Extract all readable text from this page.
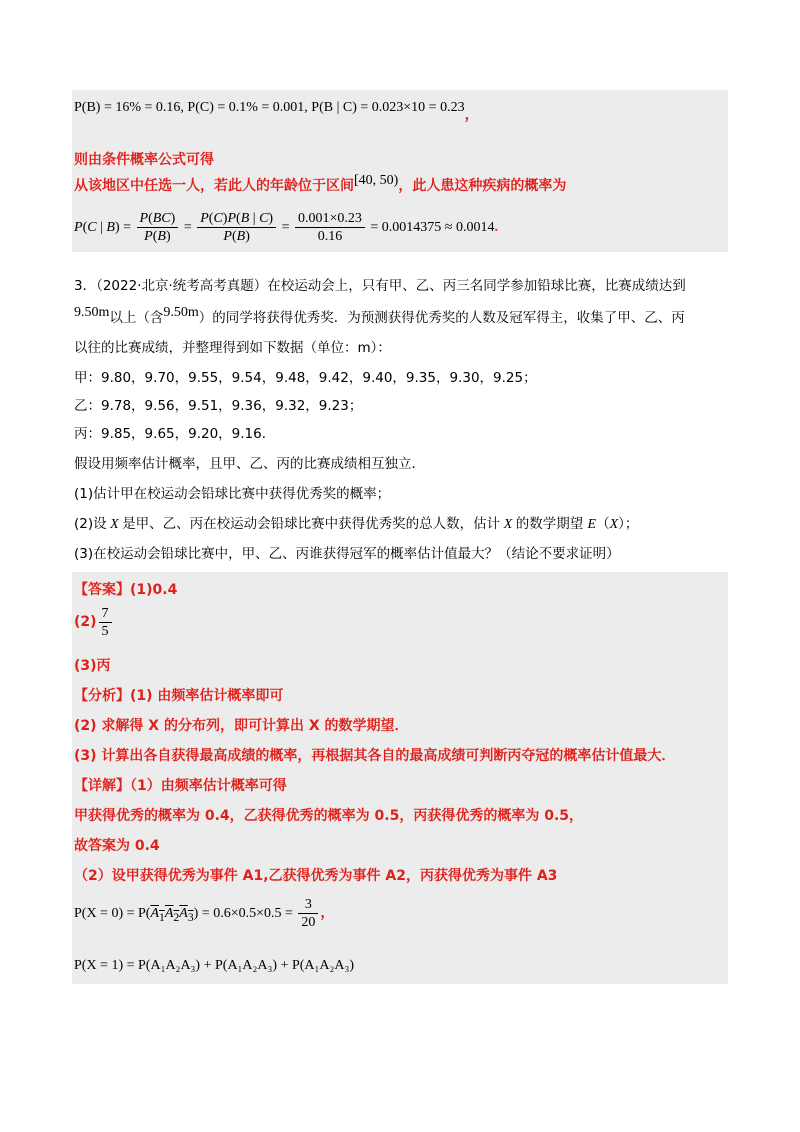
P(B) = 16% = 0.16, P(C) = 0.1% = 0.001, P(B | C) = 0.023×10 = 0.23，
则由条件概率公式可得
从该地区中任选一人，若此人的年龄位于区间[40, 50)，此人患这种疾病的概率为
P(C | $B) = \frac{P(BC)}{P(B)} = \frac{P(C)P(B | C)}{P(B)} = \frac{0.001\times 0.23}{0.16} = 0.0014375 \approx 0.0014$.
3．（2022·北京·统考高考真题）在校运动会上，只有甲、乙、丙三名同学参加铅球比赛，比赛成绩达到
9.50m以上（含9.50m）的同学将获得优秀奖．为预测获得优秀奖的人数及冠军得主，收集了甲、乙、丙
以往的比赛成绩，并整理得到如下数据（单位：m）：
甲：9.80，9.70，9.55，9.54，9.48，9.42，9.40，9.35，9.30，9.25；
乙：9.78，9.56，9.51，9.36，9.32，9.23；
丙：9.85，9.65，9.20，9.16．
假设用频率估计概率，且甲、乙、丙的比赛成绩相互独立．
(1)估计甲在校运动会铅球比赛中获得优秀奖的概率；
(2)设 X 是甲、乙、丙在校运动会铅球比赛中获得优秀奖的总人数，估计 X 的数学期望 E（X）；
(3)在校运动会铅球比赛中，甲、乙、丙谁获得冠军的概率估计值最大？（结论不要求证明）
【答案】(1)0.4
$(2) \frac{7}{5}$
(3)丙
【分析】(1) 由频率估计概率即可
(2) 求解得 X 的分布列，即可计算出 X 的数学期望．
(3) 计算出各自获得最高成绩的概率，再根据其各自的最高成绩可判断丙夺冠的概率估计值最大．
【详解】（1）由频率估计概率可得
甲获得优秀的概率为 0.4，乙获得优秀的概率为 0.5，丙获得优秀的概率为 0.5，
故答案为 0.4
（2）设甲获得优秀为事件 A1,乙获得优秀为事件 A2，丙获得优秀为事件 A3
$P(X = 0) = P(A_1A_2A_3) = 0.6\times 0.5\times 0.5 = \frac{3}{20}$ ，
P(X = 1) = P(A₁A₂A₃) + P(A₁A₂A₃) + P(A₁A₂A₃)
